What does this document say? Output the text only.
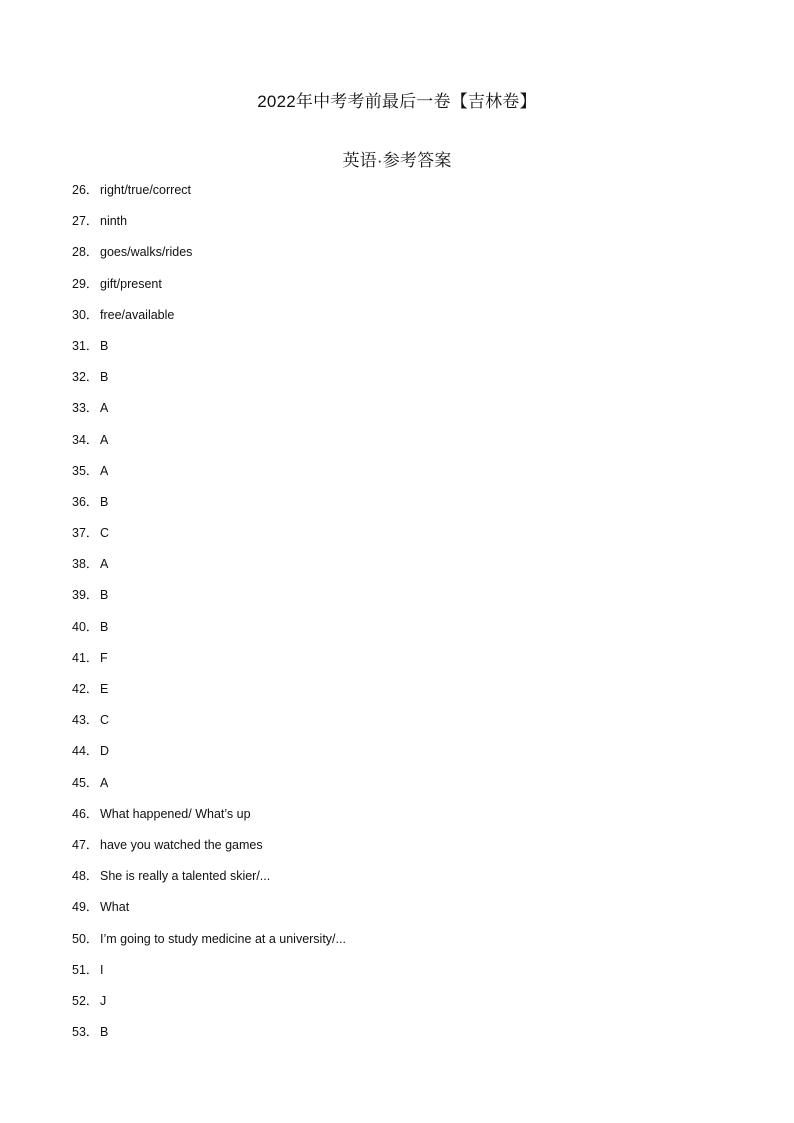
2022年中考考前最后一卷【吉林卷】
英语·参考答案
26． right/true/correct
27． ninth
28． goes/walks/rides
29． gift/present
30． free/available
31． B
32． B
33． A
34． A
35． A
36． B
37． C
38． A
39． B
40． B
41． F
42． E
43． C
44． D
45． A
46． What happened/ What’s up
47． have you watched the games
48． She is really a talented skier/...
49． What
50． I’m going to study medicine at a university/...
51． I
52． J
53． B
